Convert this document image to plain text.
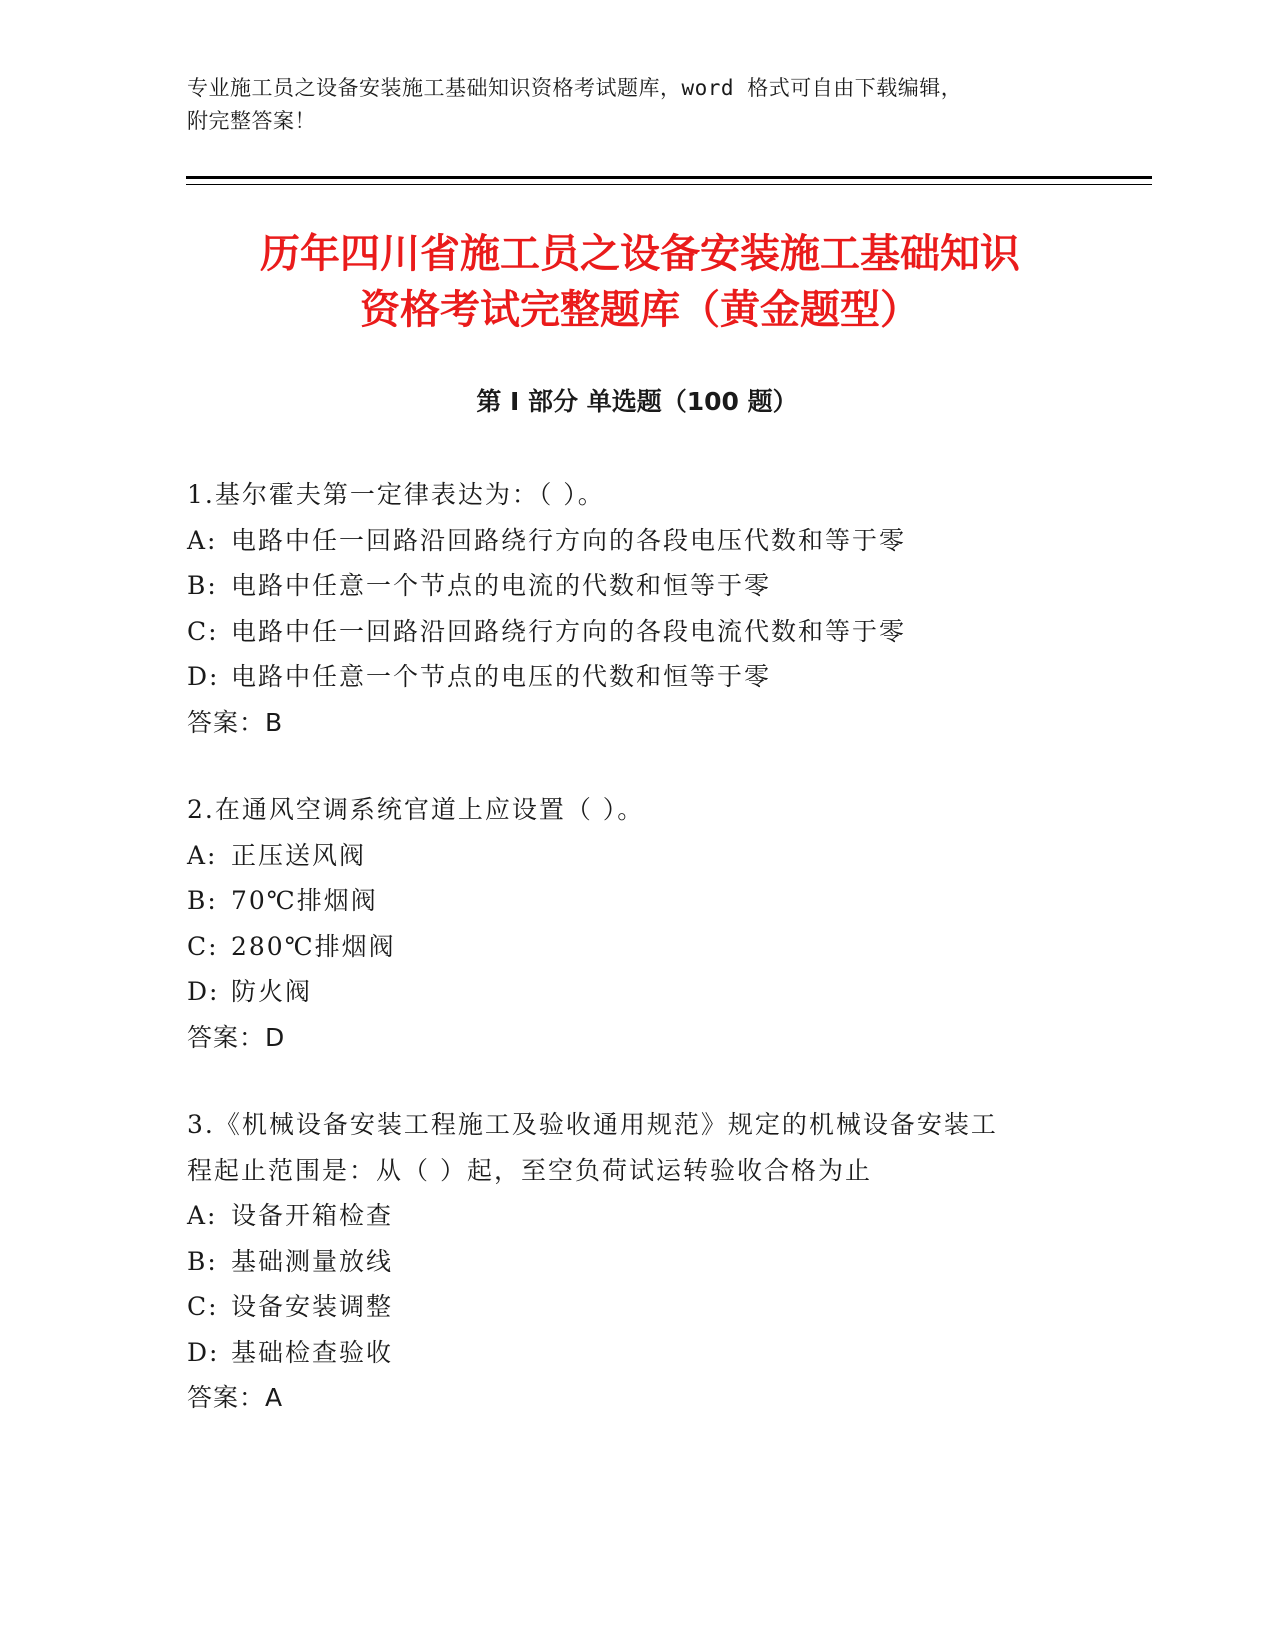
专业施工员之设备安装施工基础知识资格考试题库，word 格式可自由下载编辑，
附完整答案！
历年四川省施工员之设备安装施工基础知识
资格考试完整题库（黄金题型）
第 I 部分 单选题（100 题）

1.基尔霍夫第一定律表达为：（ ）。

A: 电路中任一回路沿回路绕行方向的各段电压代数和等于零

B: 电路中任意一个节点的电流的代数和恒等于零

C: 电路中任一回路沿回路绕行方向的各段电流代数和等于零

D: 电路中任意一个节点的电压的代数和恒等于零

答案：B

2.在通风空调系统官道上应设置（ ）。

A: 正压送风阀

B: 70℃排烟阀

C: 280℃排烟阀

D: 防火阀

答案：D

3.《机械设备安装工程施工及验收通用规范》规定的机械设备安装工

程起止范围是：从（ ）起，至空负荷试运转验收合格为止

A: 设备开箱检查

B: 基础测量放线

C: 设备安装调整

D: 基础检查验收

答案：A
